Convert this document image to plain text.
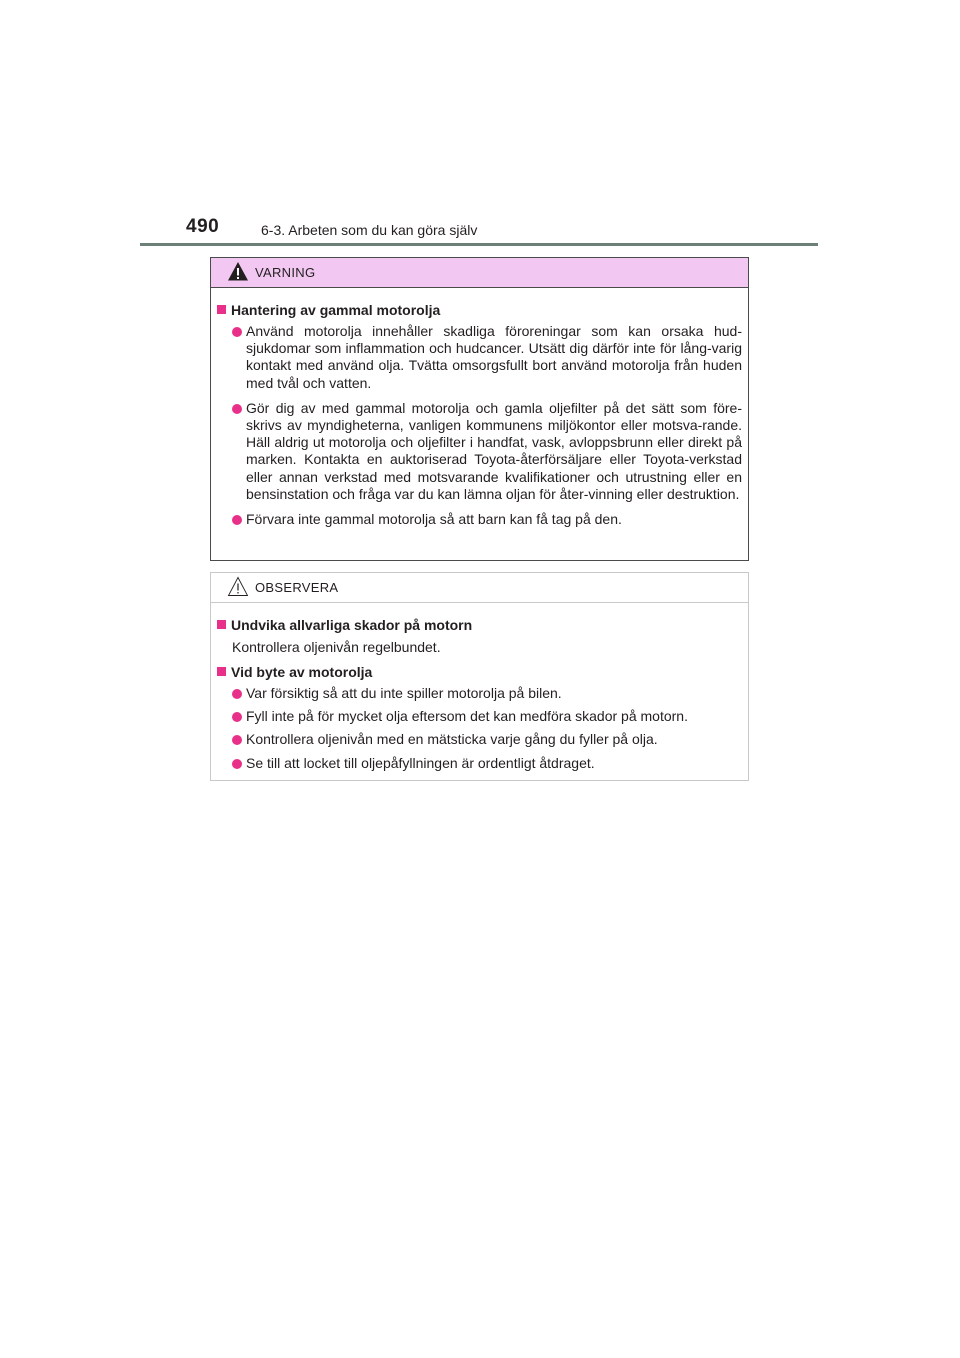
490	6-3. Arbeten som du kan göra själv
VARNING
Hantering av gammal motorolja
Använd motorolja innehåller skadliga föroreningar som kan orsaka hud-sjukdomar som inflammation och hudcancer. Utsätt dig därför inte för lång-varig kontakt med använd olja. Tvätta omsorgsfullt bort använd motorolja från huden med tvål och vatten.
Gör dig av med gammal motorolja och gamla oljefilter på det sätt som före-skrivs av myndigheterna, vanligen kommunens miljökontor eller motsva-rande. Häll aldrig ut motorolja och oljefilter i handfat, vask, avloppsbrunn eller direkt på marken. Kontakta en auktoriserad Toyota-återförsäljare eller Toyota-verkstad eller annan verkstad med motsvarande kvalifikationer och utrustning eller en bensinstation och fråga var du kan lämna oljan för åter-vinning eller destruktion.
Förvara inte gammal motorolja så att barn kan få tag på den.
OBSERVERA
Undvika allvarliga skador på motorn
Kontrollera oljenivån regelbundet.
Vid byte av motorolja
Var försiktig så att du inte spiller motorolja på bilen.
Fyll inte på för mycket olja eftersom det kan medföra skador på motorn.
Kontrollera oljenivån med en mätsticka varje gång du fyller på olja.
Se till att locket till oljepåfyllningen är ordentligt åtdraget.
